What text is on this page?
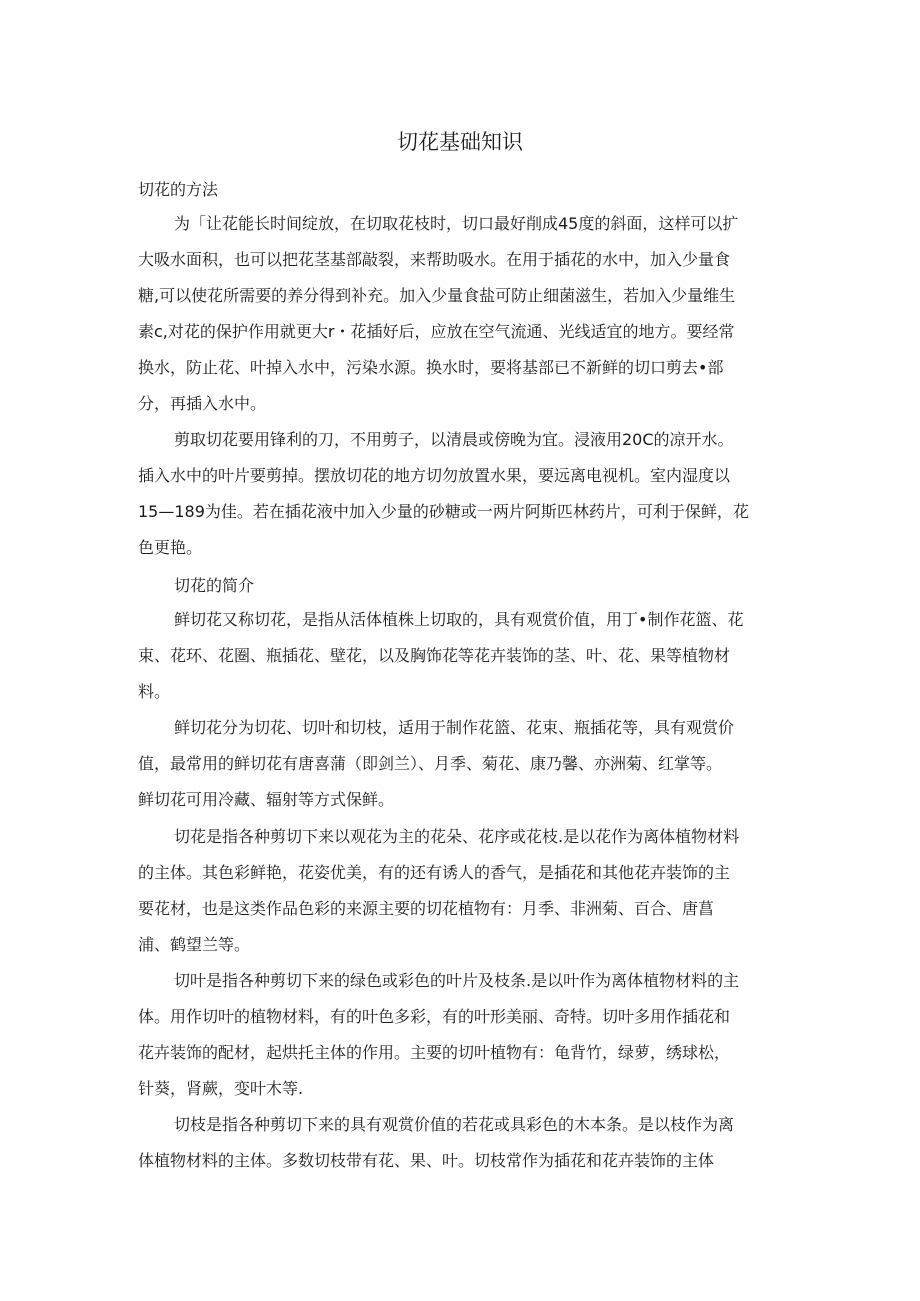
切花基础知识
切花的方法
为「让花能长时间绽放，在切取花枝时，切口最好削成45度的斜面，这样可以扩
大吸水面积，也可以把花茎基部敲裂，来帮助吸水。在用于插花的水中，加入少量食
糖,可以使花所需要的养分得到补充。加入少量食盐可防止细菌滋生，若加入少量维生
素c,对花的保护作用就更大r・花插好后，应放在空气流通、光线适宜的地方。要经常
换水，防止花、叶掉入水中，污染水源。换水时，要将基部已不新鲜的切口剪去•部
分，再插入水中。
剪取切花要用锋利的刀，不用剪子，以清晨或傍晚为宜。浸液用20C的凉开水。
插入水中的叶片要剪掉。摆放切花的地方切勿放置水果，要远离电视机。室内湿度以
15—189为佳。若在插花液中加入少量的砂糖或一两片阿斯匹林药片，可利于保鲜，花
色更艳。
切花的简介
鲜切花又称切花，是指从活体植株上切取的，具有观赏价值，用丁•制作花篮、花
束、花环、花圈、瓶插花、壁花，以及胸饰花等花卉装饰的茎、叶、花、果等植物材
料。
鲜切花分为切花、切叶和切枝，适用于制作花篮、花束、瓶插花等，具有观赏价
值，最常用的鲜切花有唐喜蒲（即剑兰）、月季、菊花、康乃馨、亦洲菊、红掌等。
鲜切花可用冷藏、辐射等方式保鲜。
切花是指各种剪切下来以观花为主的花朵、花序或花枝.是以花作为离体植物材料
的主体。其色彩鲜艳，花姿优美，有的还有诱人的香气，是插花和其他花卉装饰的主
要花材，也是这类作品色彩的来源主要的切花植物有：月季、非洲菊、百合、唐菖
浦、鹤望兰等。
切叶是指各种剪切下来的绿色或彩色的叶片及枝条.是以叶作为离体植物材料的主
体。用作切叶的植物材料，有的叶色多彩，有的叶形美丽、奇特。切叶多用作插花和
花卉装饰的配材，起烘托主体的作用。主要的切叶植物有：龟背竹，绿萝，绣球松，
针葵，肾蕨，变叶木等.
切枝是指各种剪切下来的具有观赏价值的若花或具彩色的木本条。是以枝作为离
体植物材料的主体。多数切枝带有花、果、叶。切枝常作为插花和花卉装饰的主体
